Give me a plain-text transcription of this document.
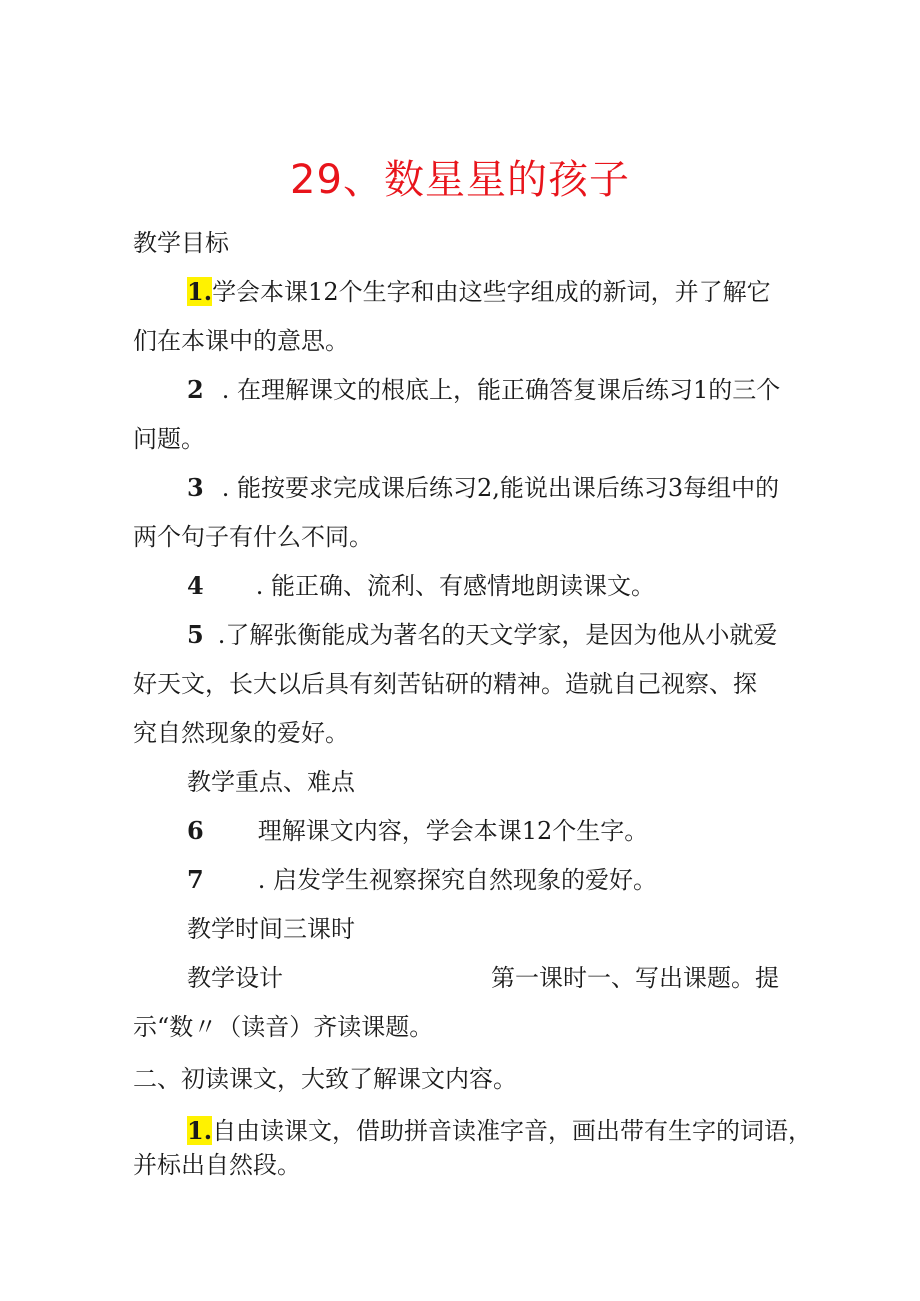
29、数星星的孩子
教学目标
1.学会本课12个生字和由这些字组成的新词，并了解它
们在本课中的意思。
2 . 在理解课文的根底上，能正确答复课后练习1的三个
问题。
3 . 能按要求完成课后练习2,能说出课后练习3每组中的
两个句子有什么不同。
4 . 能正确、流利、有感情地朗读课文。
5 .了解张衡能成为著名的天文学家，是因为他从小就爱
好天文，长大以后具有刻苦钻研的精神。造就自己视察、探
究自然现象的爱好。
教学重点、难点
6 理解课文内容，学会本课12个生字。
7 . 启发学生视察探究自然现象的爱好。
教学时间三课时
教学设计	第一课时一、写出课题。提
示“数〃（读音）齐读课题。
二、初读课文，大致了解课文内容。
1.自由读课文，借助拼音读准字音，画出带有生字的词语，
并标出自然段。
